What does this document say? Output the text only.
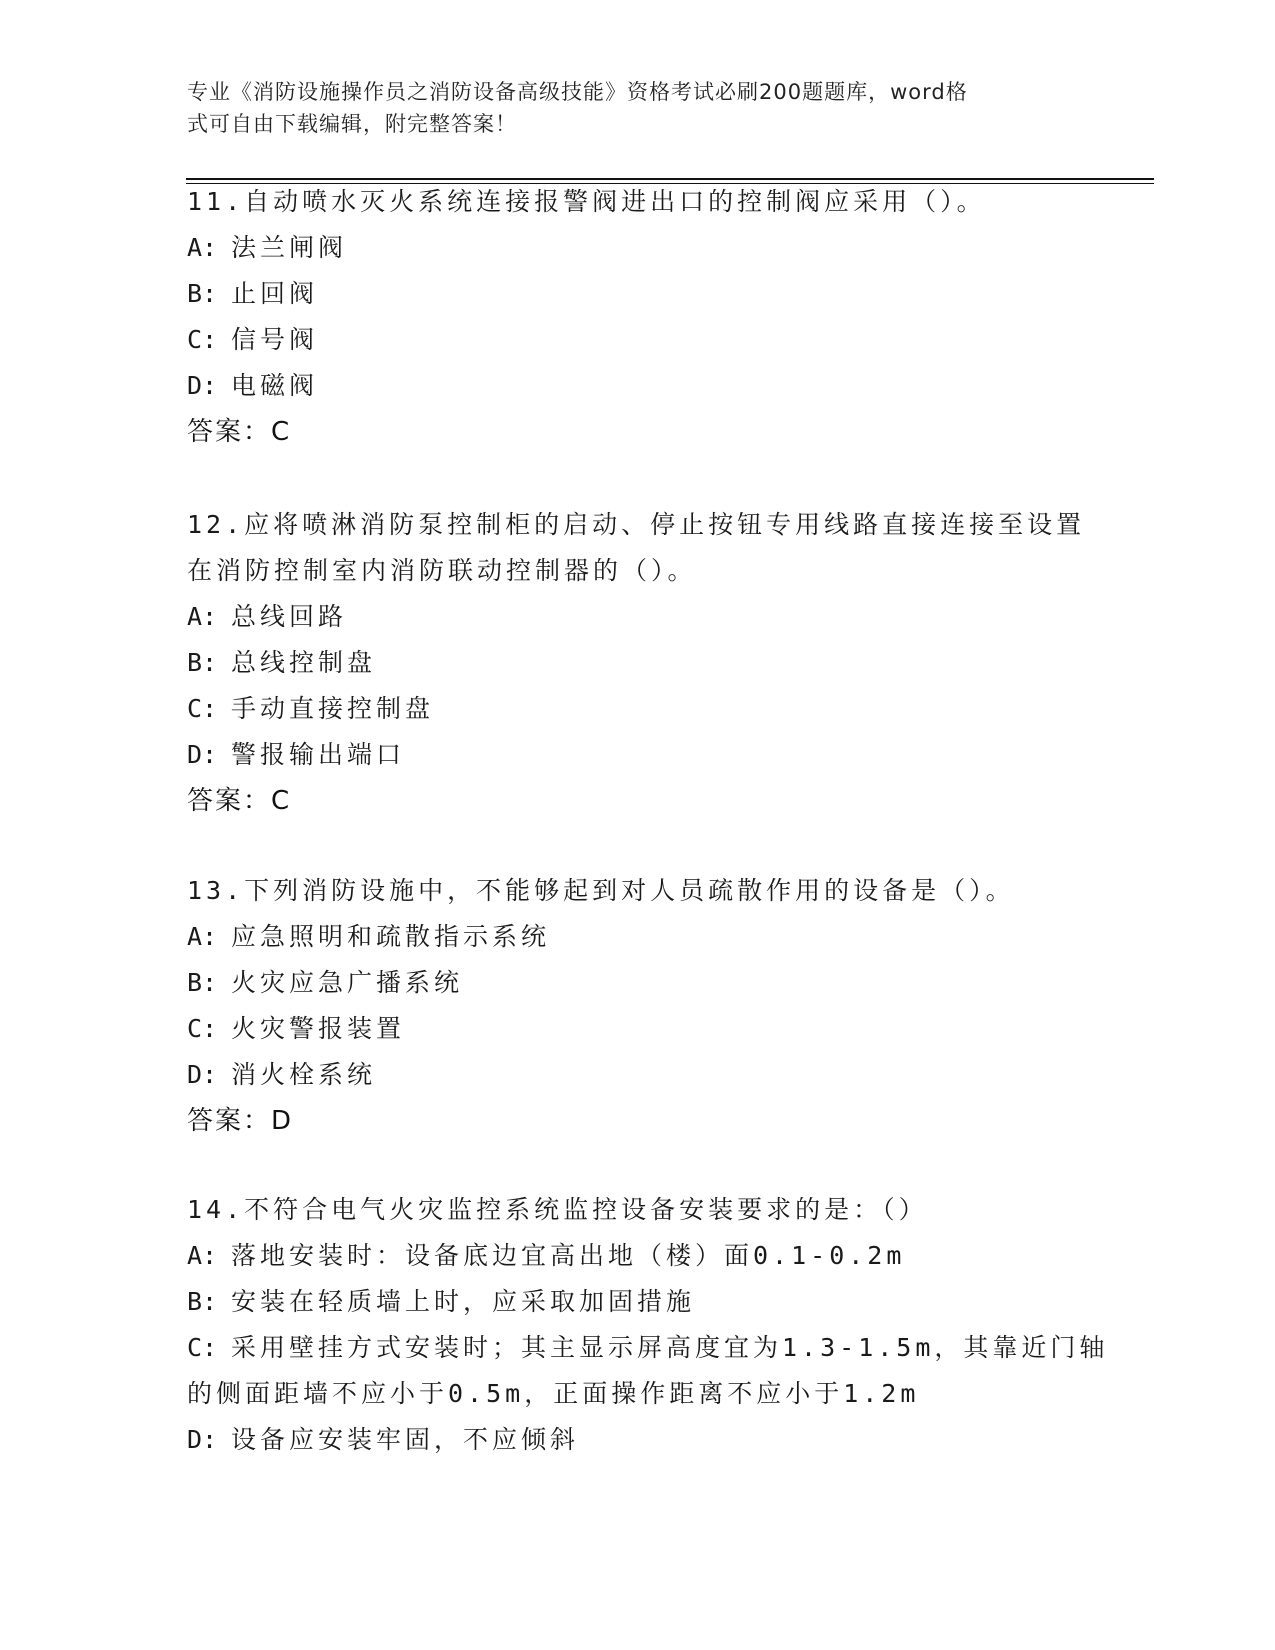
专业《消防设施操作员之消防设备高级技能》资格考试必刷200题题库，word格
式可自由下载编辑，附完整答案！
11.自动喷水灭火系统连接报警阀进出口的控制阀应采用（）。
A: 法兰闸阀
B: 止回阀
C: 信号阀
D: 电磁阀
答案：C
12.应将喷淋消防泵控制柜的启动、停止按钮专用线路直接连接至设置
在消防控制室内消防联动控制器的（）。
A: 总线回路
B: 总线控制盘
C: 手动直接控制盘
D: 警报输出端口
答案：C
13.下列消防设施中，不能够起到对人员疏散作用的设备是（）。
A: 应急照明和疏散指示系统
B: 火灾应急广播系统
C: 火灾警报装置
D: 消火栓系统
答案：D
14.不符合电气火灾监控系统监控设备安装要求的是：（）
A: 落地安装时：设备底边宜高出地（楼）面0.1-0.2m
B: 安装在轻质墙上时，应采取加固措施
C: 采用壁挂方式安装时；其主显示屏高度宜为1.3-1.5m，其靠近门轴
的侧面距墙不应小于0.5m，正面操作距离不应小于1.2m
D: 设备应安装牢固，不应倾斜
